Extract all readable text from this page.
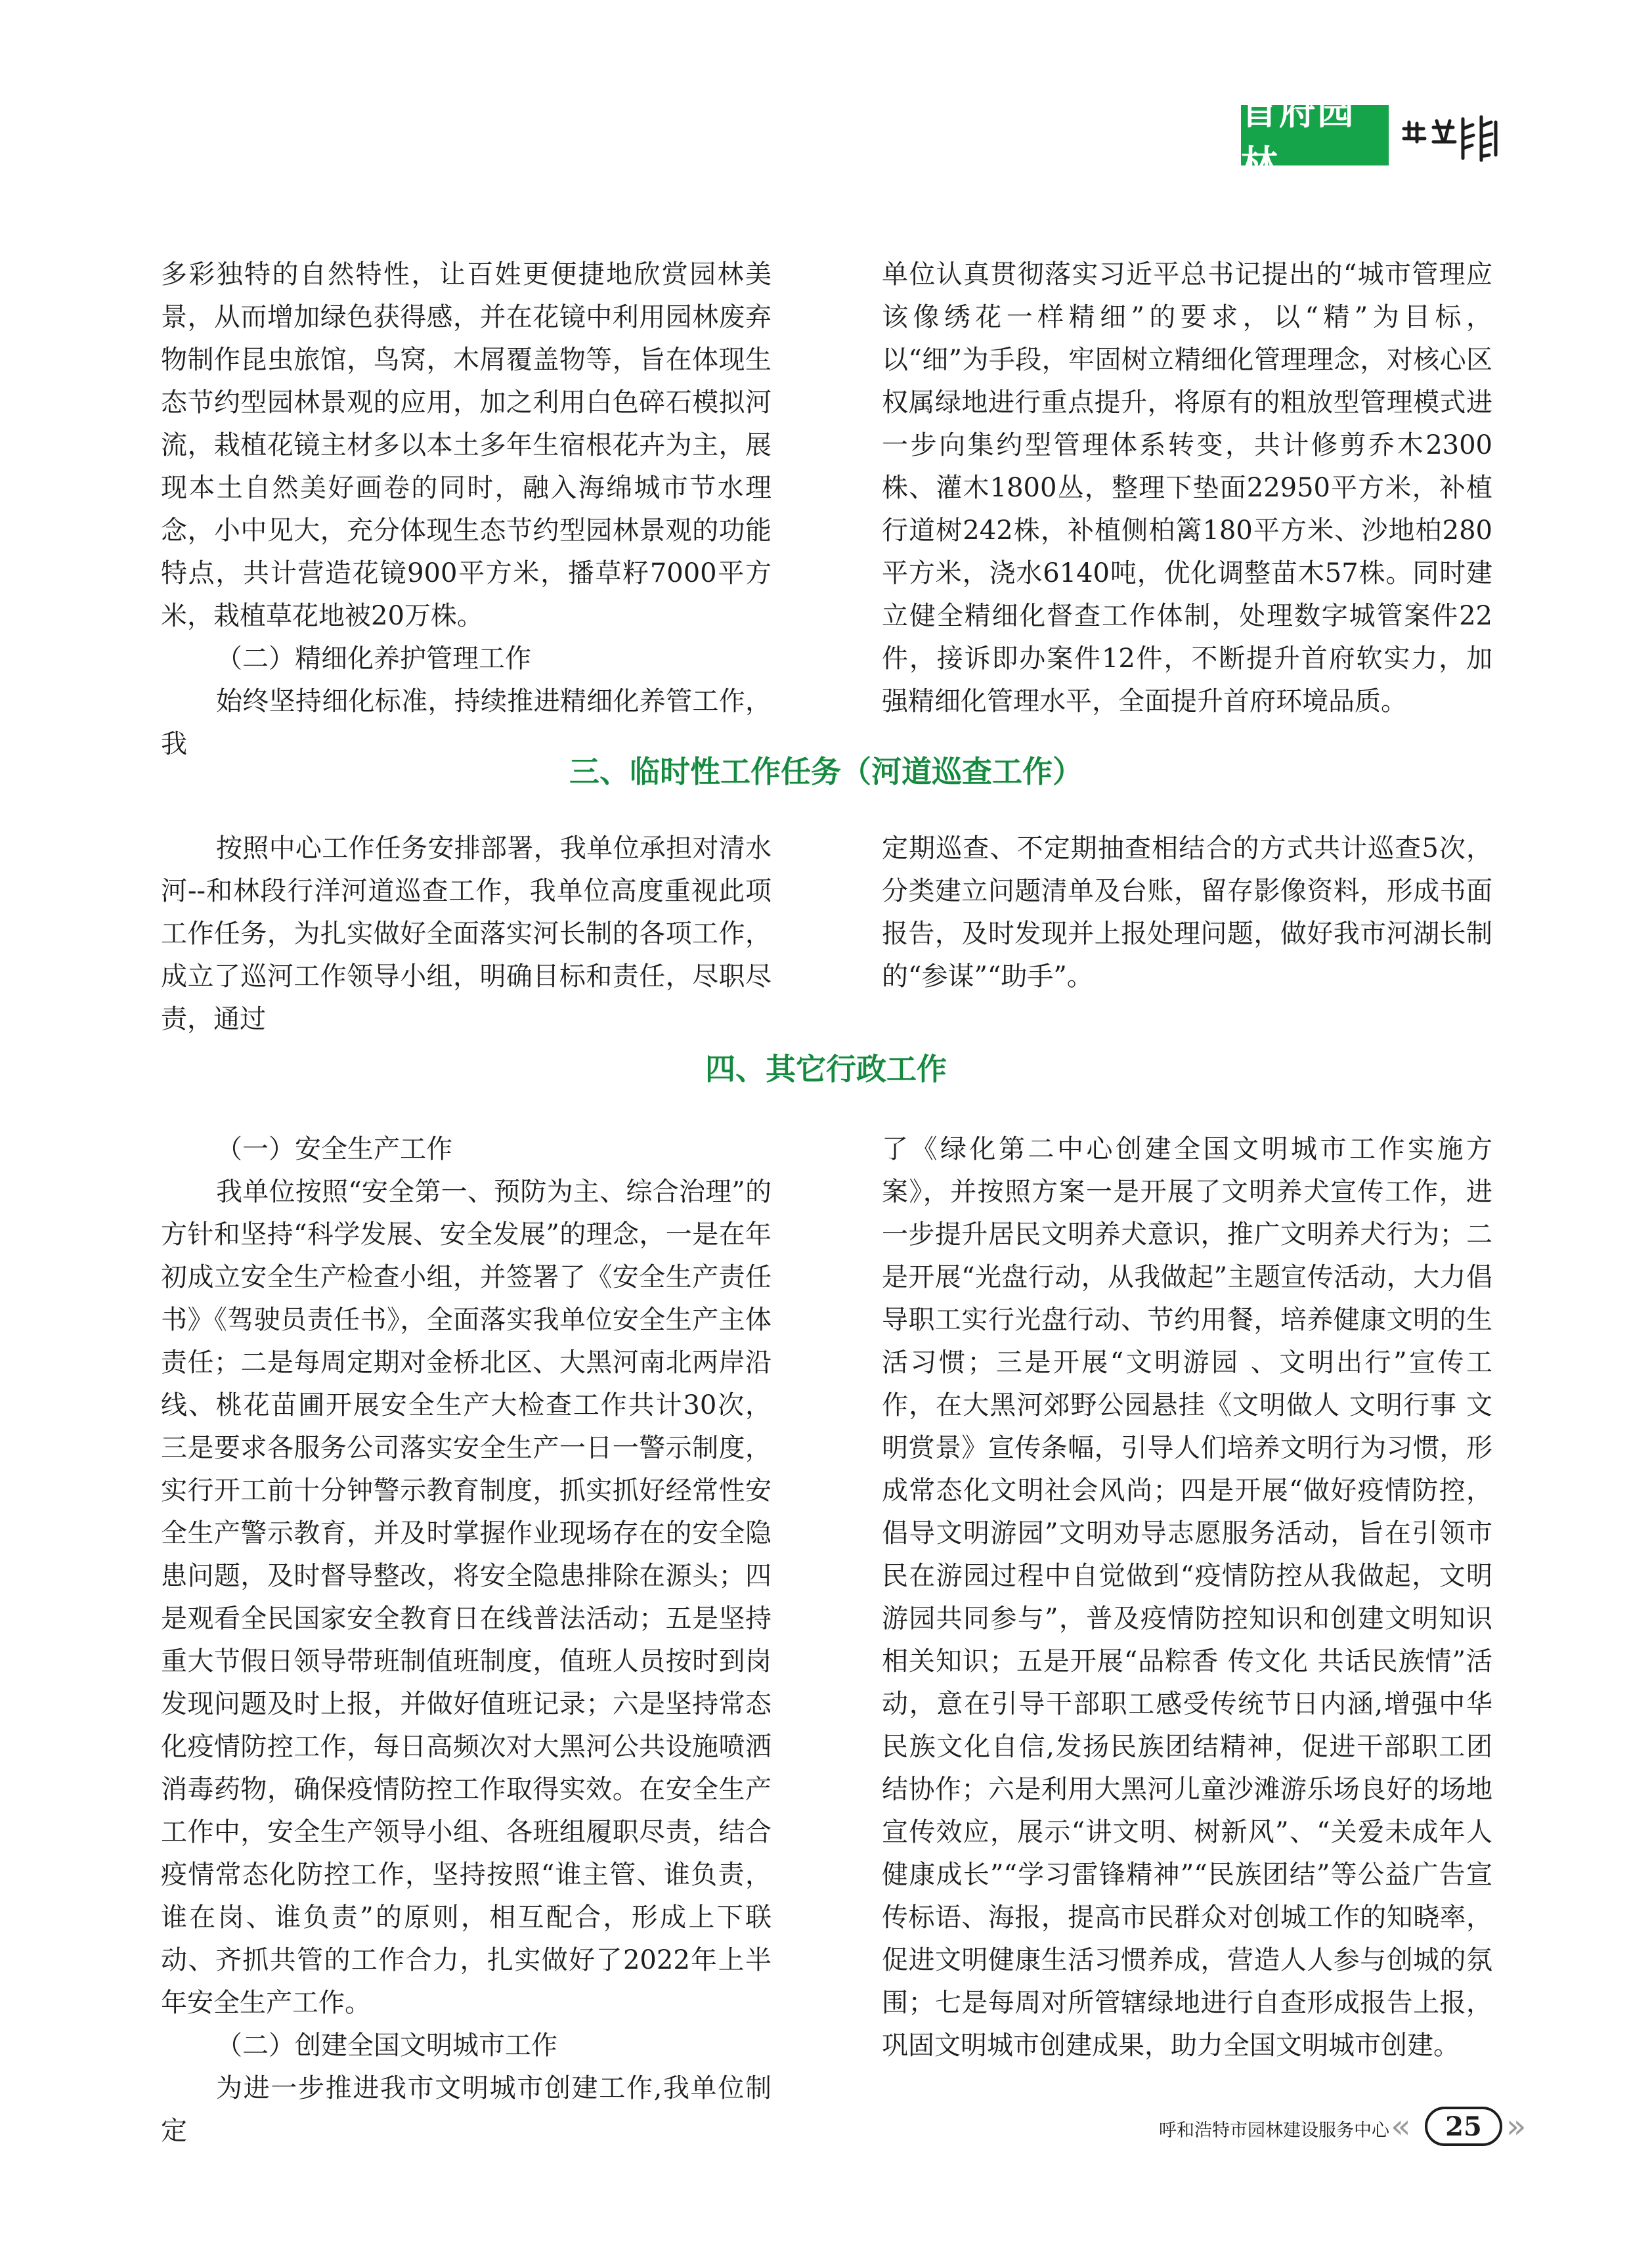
首府园林

多彩独特的自然特性，让百姓更便捷地欣赏园林美景，从而增加绿色获得感，并在花镜中利用园林废弃物制作昆虫旅馆，鸟窝，木屑覆盖物等，旨在体现生态节约型园林景观的应用，加之利用白色碎石模拟河流，栽植花镜主材多以本土多年生宿根花卉为主，展现本土自然美好画卷的同时，融入海绵城市节水理念，小中见大，充分体现生态节约型园林景观的功能特点，共计营造花镜900平方米，播草籽7000平方米，栽植草花地被20万株。

（二）精细化养护管理工作

始终坚持细化标准，持续推进精细化养管工作，我

单位认真贯彻落实习近平总书记提出的“城市管理应该像绣花一样精细”的要求，以“精”为目标，以“细”为手段，牢固树立精细化管理理念，对核心区权属绿地进行重点提升，将原有的粗放型管理模式进一步向集约型管理体系转变，共计修剪乔木2300株、灌木1800丛，整理下垫面22950平方米，补植行道树242株，补植侧柏篱180平方米、沙地柏280平方米，浇水6140吨，优化调整苗木57株。同时建立健全精细化督查工作体制，处理数字城管案件22件，接诉即办案件12件，不断提升首府软实力，加强精细化管理水平，全面提升首府环境品质。

三、临时性工作任务（河道巡查工作）

按照中心工作任务安排部署，我单位承担对清水河--和林段行洋河道巡查工作，我单位高度重视此项工作任务，为扎实做好全面落实河长制的各项工作，成立了巡河工作领导小组，明确目标和责任，尽职尽责，通过

定期巡查、不定期抽查相结合的方式共计巡查5次，分类建立问题清单及台账，留存影像资料，形成书面报告，及时发现并上报处理问题，做好我市河湖长制的“参谋”“助手”。

四、其它行政工作

（一）安全生产工作

我单位按照“安全第一、预防为主、综合治理”的方针和坚持“科学发展、安全发展”的理念，一是在年初成立安全生产检查小组，并签署了《安全生产责任书》《驾驶员责任书》，全面落实我单位安全生产主体责任；二是每周定期对金桥北区、大黑河南北两岸沿线、桃花苗圃开展安全生产大检查工作共计30次，三是要求各服务公司落实安全生产一日一警示制度，实行开工前十分钟警示教育制度，抓实抓好经常性安全生产警示教育，并及时掌握作业现场存在的安全隐患问题，及时督导整改，将安全隐患排除在源头；四是观看全民国家安全教育日在线普法活动；五是坚持重大节假日领导带班制值班制度，值班人员按时到岗发现问题及时上报，并做好值班记录；六是坚持常态化疫情防控工作，每日高频次对大黑河公共设施喷洒消毒药物，确保疫情防控工作取得实效。在安全生产工作中，安全生产领导小组、各班组履职尽责，结合疫情常态化防控工作，坚持按照“谁主管、谁负责，谁在岗、谁负责”的原则，相互配合，形成上下联动、齐抓共管的工作合力，扎实做好了2022年上半年安全生产工作。

（二）创建全国文明城市工作

为进一步推进我市文明城市创建工作,我单位制定

了《绿化第二中心创建全国文明城市工作实施方案》，并按照方案一是开展了文明养犬宣传工作，进一步提升居民文明养犬意识，推广文明养犬行为；二是开展“光盘行动，从我做起”主题宣传活动，大力倡导职工实行光盘行动、节约用餐，培养健康文明的生活习惯；三是开展“文明游园 、文明出行”宣传工作，在大黑河郊野公园悬挂《文明做人 文明行事 文明赏景》宣传条幅，引导人们培养文明行为习惯，形成常态化文明社会风尚；四是开展“做好疫情防控，倡导文明游园”文明劝导志愿服务活动，旨在引领市民在游园过程中自觉做到“疫情防控从我做起，文明游园共同参与”，普及疫情防控知识和创建文明知识相关知识；五是开展“品粽香 传文化 共话民族情”活动，意在引导干部职工感受传统节日内涵,增强中华民族文化自信,发扬民族团结精神，促进干部职工团结协作；六是利用大黑河儿童沙滩游乐场良好的场地宣传效应，展示“讲文明、树新风”、“关爱未成年人健康成长”“学习雷锋精神”“民族团结”等公益广告宣传标语、海报，提高市民群众对创城工作的知晓率，促进文明健康生活习惯养成，营造人人参与创城的氛围；七是每周对所管辖绿地进行自查形成报告上报，巩固文明城市创建成果，助力全国文明城市创建。

呼和浩特市园林建设服务中心 «	25 »
